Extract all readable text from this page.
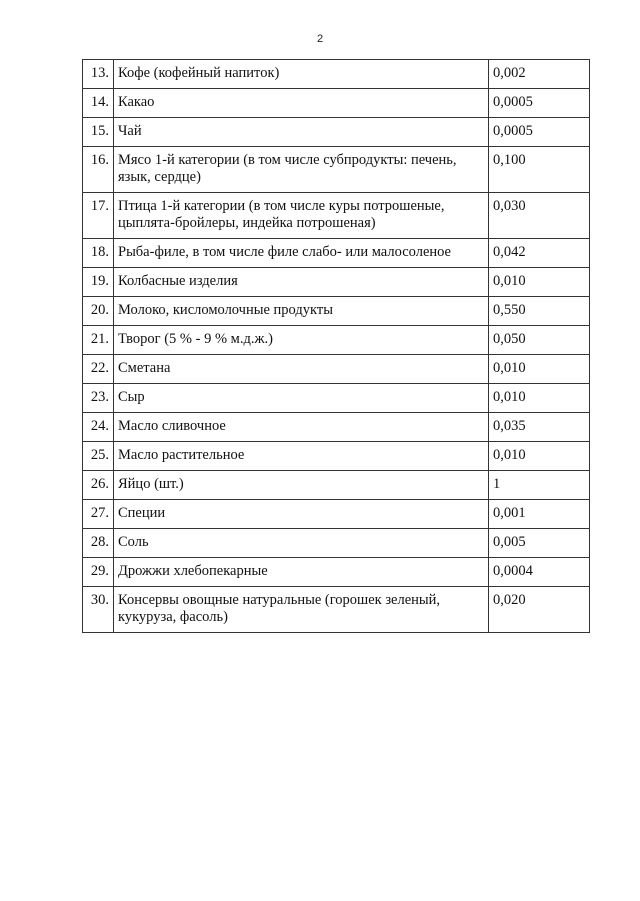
2
13.	Кофе (кофейный напиток)	0,002
14.	Какао	0,0005
15.	Чай	0,0005
16.	Мясо 1-й категории (в том числе субпродукты: печень, язык, сердце)	0,100
17.	Птица 1-й категории (в том числе куры потрошеные, цыплята-бройлеры, индейка потрошеная)	0,030
18.	Рыба-филе, в том числе филе слабо- или малосоленое	0,042
19.	Колбасные изделия	0,010
20.	Молоко, кисломолочные продукты	0,550
21.	Творог (5 % - 9 % м.д.ж.)	0,050
22.	Сметана	0,010
23.	Сыр	0,010
24.	Масло сливочное	0,035
25.	Масло растительное	0,010
26.	Яйцо (шт.)	1
27.	Специи	0,001
28.	Соль	0,005
29.	Дрожжи хлебопекарные	0,0004
30.	Консервы овощные натуральные (горошек зеленый, кукуруза, фасоль)	0,020
